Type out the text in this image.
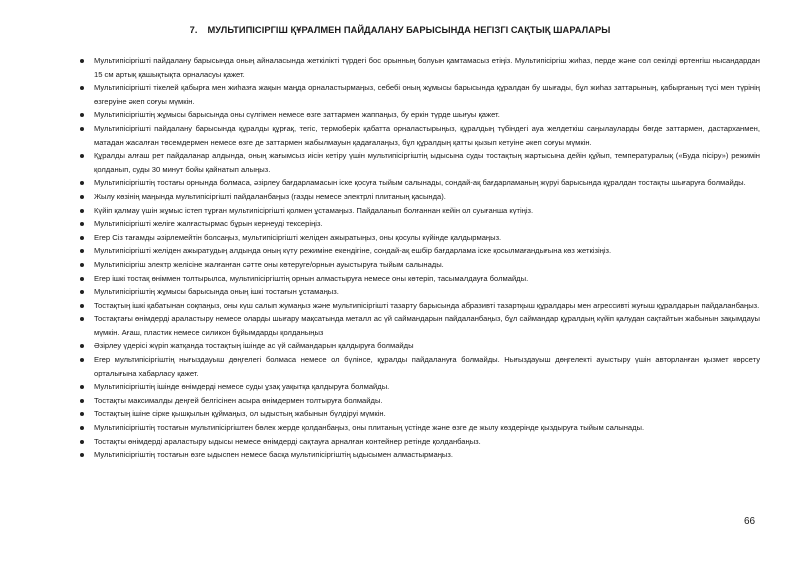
7. МУЛЬТИПІСІРГІШ ҚҰРАЛМЕН ПАЙДАЛАНУ БАРЫСЫНДА НЕГІЗГІ САҚТЫҚ ШАРАЛАРЫ
Мультипісіргішті пайдалану барысында оның айналасында жеткілікті түрдегі бос орынның болуын қамтамасыз етіңіз. Мультипісіргіш жиһаз, перде және сол секілді өртенгіш нысандардан 15 см артық қашықтықта орналасуы қажет.
Мультипісіргішті тікелей қабырға мен жиһазға жақын маңда орналастырмаңыз, себебі оның жұмысы барысында құралдан бу шығады, бұл жиһаз заттарының, қабырғаның түсі мен түрінің өзгеруіне әкеп соғуы мүмкін.
Мультипісіргіштің жұмысы барысында оны сүлгімен немесе өзге заттармен жаппаңыз, бу еркін түрде шығуы қажет.
Мультипісіргішті пайдалану барысында құралды құрғақ, тегіс, термоберік қабатта орналастырыңыз, құралдың түбіндегі ауа желдеткіш саңылауларды бөгде заттармен, дастарханмен, матадан жасалған төсемдермен немесе өзге де заттармен жабылмауын қадағалаңыз, бұл құралдың қатты қызып кетуіне әкеп соғуы мүмкін.
Құралды алғаш рет пайдаланар алдында, оның жағымсыз иісін кетіру үшін мультипісіргіштің ыдысына суды тостақтың жартысына дейін құйып, температуралық («Буда пісіру») режимін қолданып, суды 30 минут бойы қайнатып алыңыз.
Мультипісіргіштің тостағы орнында болмаса, әзірлеу бағдарламасын іске қосуға тыйым салынады, сондай-ақ бағдарламаның жүруі барысында құралдан тостақты шығаруға болмайды.
Жылу көзінің маңында мультипісіргішті пайдаланбаңыз (газды немесе электрлі плитаның қасында).
Күйіп қалмау үшін жұмыс істеп тұрған мультипісіргішті қолмен ұстамаңыз. Пайдаланып болғаннан кейін ол суығанша күтіңіз.
Мультипісіргішті желіге жалғастырмас бұрын кернеуді тексеріңіз.
Егер Сіз тағамды әзірлемейтін болсаңыз, мультипісіргішті желіден ажыратыңыз, оны қосулы күйінде қалдырмаңыз.
Мультипісіргішті желіден ажыратудың алдында оның күту режиміне екендігіне, сондай-ақ ешбір бағдарлама іске қосылмағандығына көз жеткізіңіз.
Мультипісіргіш электр желісіне жалғанған сәтте оны көтеруге/орнын ауыстыруға тыйым салынады.
Егер ішкі тостақ өніммен толтырылса, мультипісіргіштің орнын алмастыруға немесе оны көтеріп, тасымалдауға болмайды.
Мультипісіргіштің жұмысы барысында оның ішкі тостағын ұстамаңыз.
Тостақтың ішкі қабатынан соқпаңыз, оны күш салып жумаңыз және мультипісіргішті тазарту барысында абразивті тазартқыш құралдары мен агрессивті жуғыш құралдарын пайдаланбаңыз.
Тостақтағы өнімдерді араластыру немесе оларды шығару мақсатында металл ас үй саймандарын пайдаланбаңыз, бұл саймандар құралдың күйіп қалудан сақтайтын жабынын зақымдауы мүмкін. Ағаш, пластик немесе силикон бұйымдарды қолданыңыз
Әзірлеу үдерісі жүріп жатқанда тостақтың ішінде ас үй саймандарын қалдыруға болмайды
Егер мультипісіргіштің нығыздауыш дөңгелегі болмаса немесе ол бүлінсе, құралды пайдалануға болмайды. Нығыздауыш дөңгелекті ауыстыру үшін авторланған қызмет көрсету орталығына хабарласу қажет.
Мультипісіргіштің ішінде өнімдерді немесе суды ұзақ уақытқа қалдыруға болмайды.
Тостақты максималды деңгей белгісінен асыра өнімдермен толтыруға болмайды.
Тостақтың ішіне сірке қышқылын құймаңыз, ол ыдыстың жабынын бүлдіруі мүмкін.
Мультипісіргіштің тостағын мультипісіргіштен бөлек жерде қолданбаңыз, оны плитаның үстінде және өзге де жылу көздерінде қыздыруға тыйым салынады.
Тостақты өнімдерді араластыру ыдысы немесе өнімдерді сақтауға арналған контейнер ретінде қолданбаңыз.
Мультипісіргіштің тостағын өзге ыдыспен немесе басқа мультипісіргіштің ыдысымен алмастырмаңыз.
66
